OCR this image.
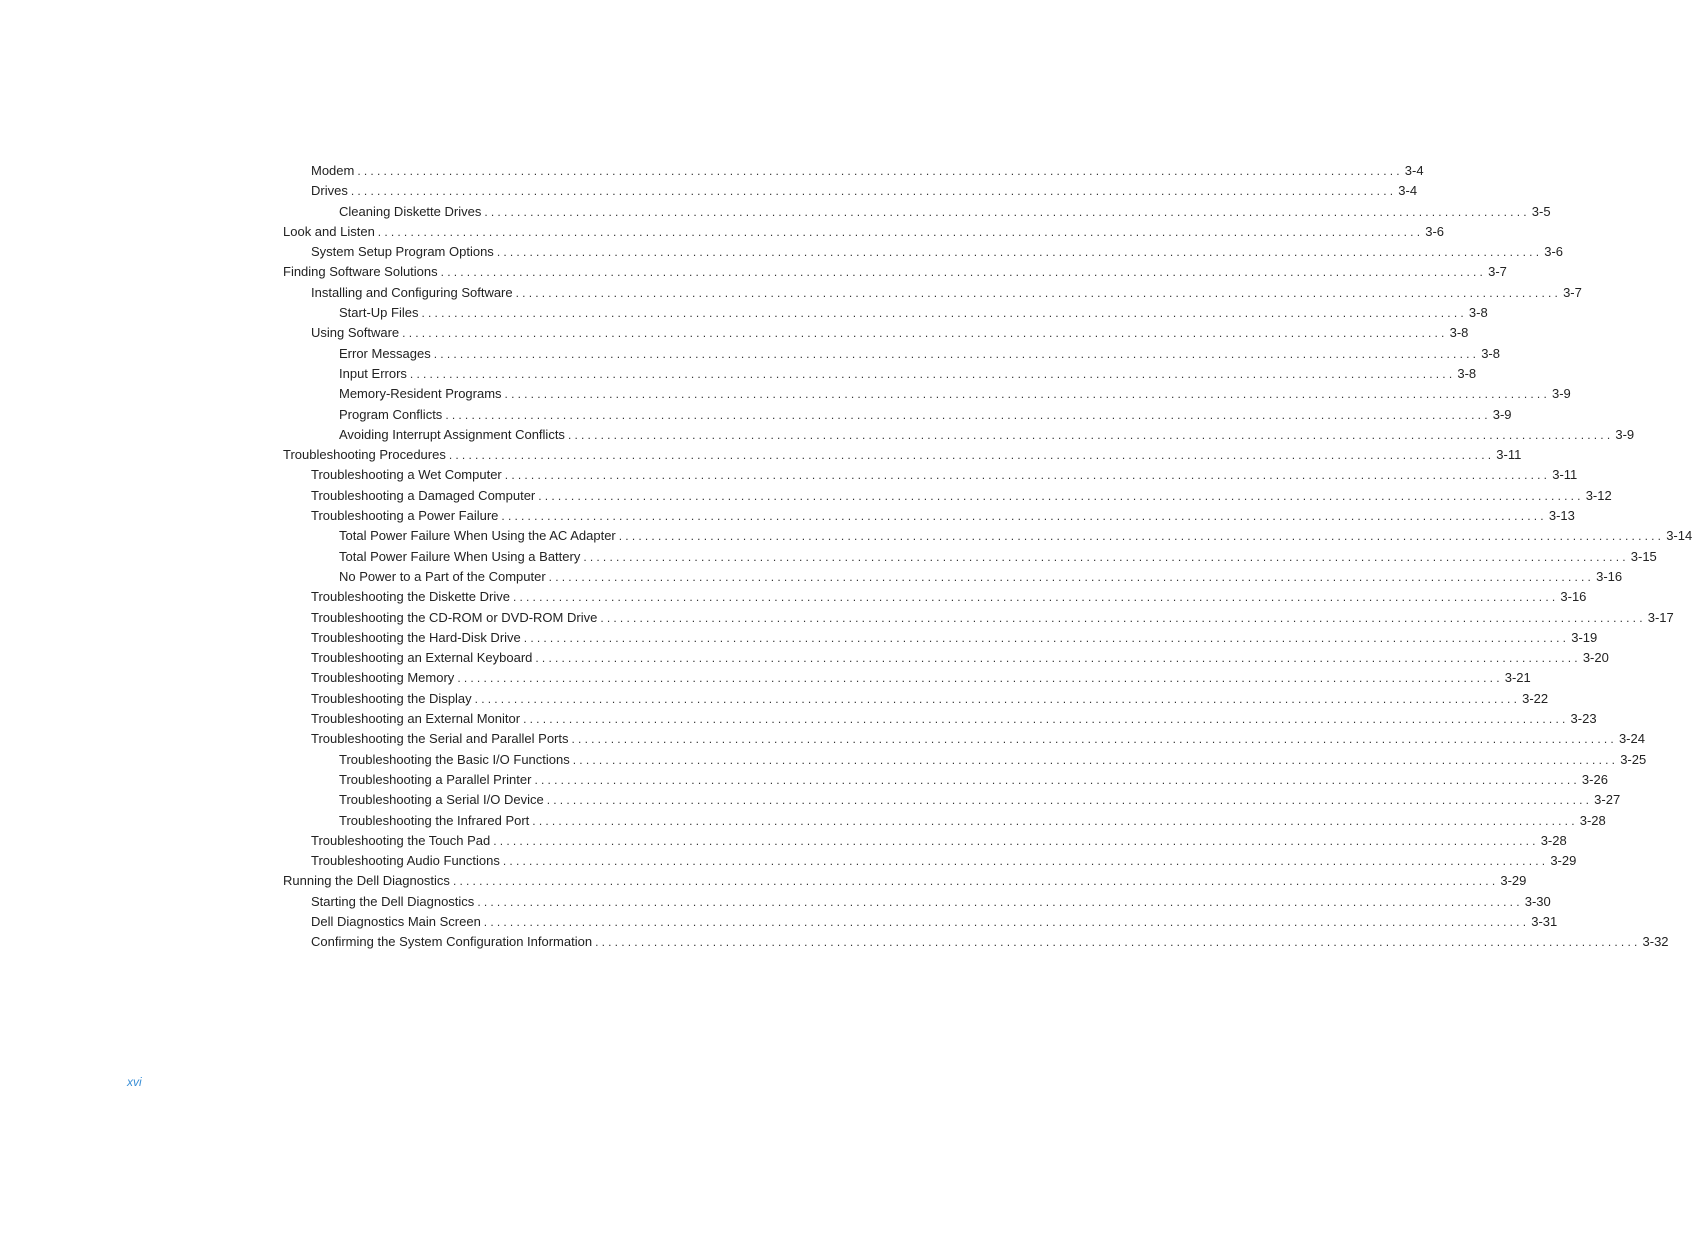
Modem ................................................................................................................................................................ 3-4
Drives ................................................................................................................................................................ 3-4
Cleaning Diskette Drives ................................................................................................................................................................ 3-5
Look and Listen ................................................................................................................................................................ 3-6
System Setup Program Options ................................................................................................................................................................ 3-6
Finding Software Solutions ................................................................................................................................................................ 3-7
Installing and Configuring Software ................................................................................................................................................................ 3-7
Start-Up Files ................................................................................................................................................................ 3-8
Using Software ................................................................................................................................................................ 3-8
Error Messages ................................................................................................................................................................ 3-8
Input Errors ................................................................................................................................................................ 3-8
Memory-Resident Programs ................................................................................................................................................................ 3-9
Program Conflicts ................................................................................................................................................................ 3-9
Avoiding Interrupt Assignment Conflicts ................................................................................................................................................................ 3-9
Troubleshooting Procedures ................................................................................................................................................................ 3-11
Troubleshooting a Wet Computer ................................................................................................................................................................ 3-11
Troubleshooting a Damaged Computer ................................................................................................................................................................ 3-12
Troubleshooting a Power Failure ................................................................................................................................................................ 3-13
Total Power Failure When Using the AC Adapter ................................................................................................................................................................ 3-14
Total Power Failure When Using a Battery ................................................................................................................................................................ 3-15
No Power to a Part of the Computer ................................................................................................................................................................ 3-16
Troubleshooting the Diskette Drive ................................................................................................................................................................ 3-16
Troubleshooting the CD-ROM or DVD-ROM Drive ................................................................................................................................................................ 3-17
Troubleshooting the Hard-Disk Drive ................................................................................................................................................................ 3-19
Troubleshooting an External Keyboard ................................................................................................................................................................ 3-20
Troubleshooting Memory ................................................................................................................................................................ 3-21
Troubleshooting the Display ................................................................................................................................................................ 3-22
Troubleshooting an External Monitor ................................................................................................................................................................ 3-23
Troubleshooting the Serial and Parallel Ports ................................................................................................................................................................ 3-24
Troubleshooting the Basic I/O Functions ................................................................................................................................................................ 3-25
Troubleshooting a Parallel Printer ................................................................................................................................................................ 3-26
Troubleshooting a Serial I/O Device ................................................................................................................................................................ 3-27
Troubleshooting the Infrared Port ................................................................................................................................................................ 3-28
Troubleshooting the Touch Pad ................................................................................................................................................................ 3-28
Troubleshooting Audio Functions ................................................................................................................................................................ 3-29
Running the Dell Diagnostics ................................................................................................................................................................ 3-29
Starting the Dell Diagnostics ................................................................................................................................................................ 3-30
Dell Diagnostics Main Screen ................................................................................................................................................................ 3-31
Confirming the System Configuration Information ................................................................................................................................................................ 3-32
xvi
